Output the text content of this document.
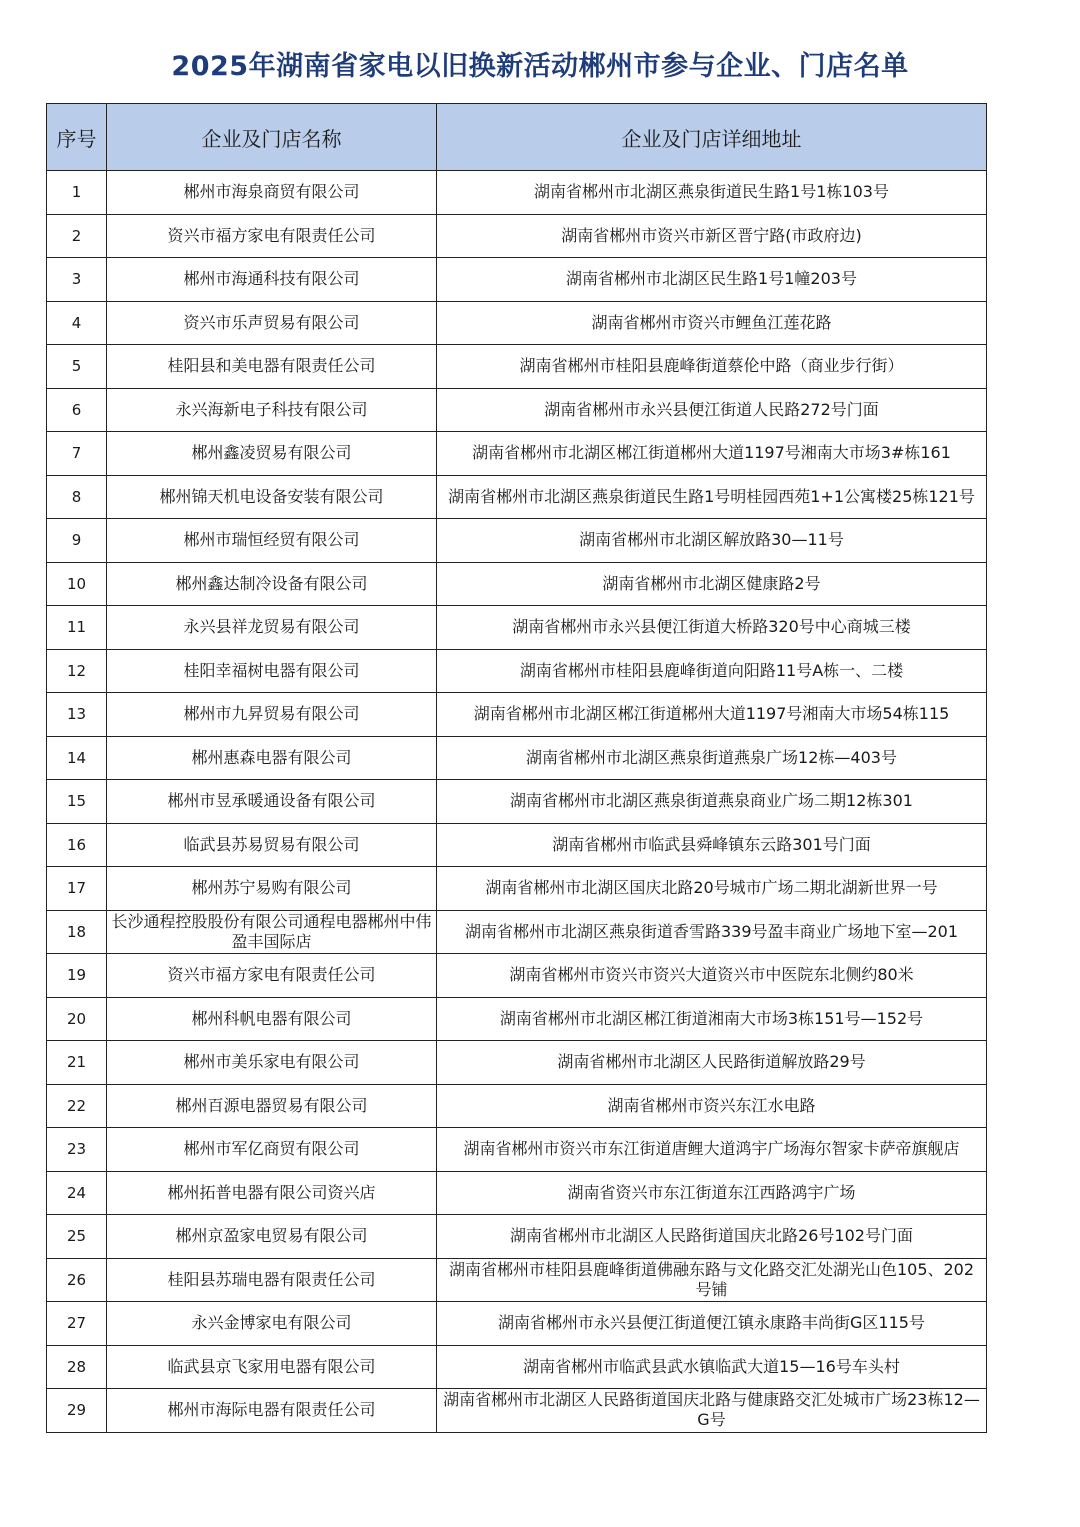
2025年湖南省家电以旧换新活动郴州市参与企业、门店名单
序号	企业及门店名称	企业及门店详细地址
1	郴州市海泉商贸有限公司	湖南省郴州市北湖区燕泉街道民生路1号1栋103号
2	资兴市福方家电有限责任公司	湖南省郴州市资兴市新区晋宁路(市政府边)
3	郴州市海通科技有限公司	湖南省郴州市北湖区民生路1号1幢203号
4	资兴市乐声贸易有限公司	湖南省郴州市资兴市鲤鱼江莲花路
5	桂阳县和美电器有限责任公司	湖南省郴州市桂阳县鹿峰街道蔡伦中路（商业步行街）
6	永兴海新电子科技有限公司	湖南省郴州市永兴县便江街道人民路272号门面
7	郴州鑫凌贸易有限公司	湖南省郴州市北湖区郴江街道郴州大道1197号湘南大市场3#栋161
8	郴州锦天机电设备安装有限公司	湖南省郴州市北湖区燕泉街道民生路1号明桂园西苑1+1公寓楼25栋121号
9	郴州市瑞恒经贸有限公司	湖南省郴州市北湖区解放路30—11号
10	郴州鑫达制冷设备有限公司	湖南省郴州市北湖区健康路2号
11	永兴县祥龙贸易有限公司	湖南省郴州市永兴县便江街道大桥路320号中心商城三楼
12	桂阳幸福树电器有限公司	湖南省郴州市桂阳县鹿峰街道向阳路11号A栋一、二楼
13	郴州市九昇贸易有限公司	湖南省郴州市北湖区郴江街道郴州大道1197号湘南大市场54栋115
14	郴州惠森电器有限公司	湖南省郴州市北湖区燕泉街道燕泉广场12栋—403号
15	郴州市昱承暖通设备有限公司	湖南省郴州市北湖区燕泉街道燕泉商业广场二期12栋301
16	临武县苏易贸易有限公司	湖南省郴州市临武县舜峰镇东云路301号门面
17	郴州苏宁易购有限公司	湖南省郴州市北湖区国庆北路20号城市广场二期北湖新世界一号
18	长沙通程控股股份有限公司通程电器郴州中伟盈丰国际店	湖南省郴州市北湖区燕泉街道香雪路339号盈丰商业广场地下室—201
19	资兴市福方家电有限责任公司	湖南省郴州市资兴市资兴大道资兴市中医院东北侧约80米
20	郴州科帆电器有限公司	湖南省郴州市北湖区郴江街道湘南大市场3栋151号—152号
21	郴州市美乐家电有限公司	湖南省郴州市北湖区人民路街道解放路29号
22	郴州百源电器贸易有限公司	湖南省郴州市资兴东江水电路
23	郴州市军亿商贸有限公司	湖南省郴州市资兴市东江街道唐鲤大道鸿宇广场海尔智家卡萨帝旗舰店
24	郴州拓普电器有限公司资兴店	湖南省资兴市东江街道东江西路鸿宇广场
25	郴州京盈家电贸易有限公司	湖南省郴州市北湖区人民路街道国庆北路26号102号门面
26	桂阳县苏瑞电器有限责任公司	湖南省郴州市桂阳县鹿峰街道佛融东路与文化路交汇处湖光山色105、202号铺
27	永兴金博家电有限公司	湖南省郴州市永兴县便江街道便江镇永康路丰尚街G区115号
28	临武县京飞家用电器有限公司	湖南省郴州市临武县武水镇临武大道15—16号车头村
29	郴州市海际电器有限责任公司	湖南省郴州市北湖区人民路街道国庆北路与健康路交汇处城市广场23栋12—G号
